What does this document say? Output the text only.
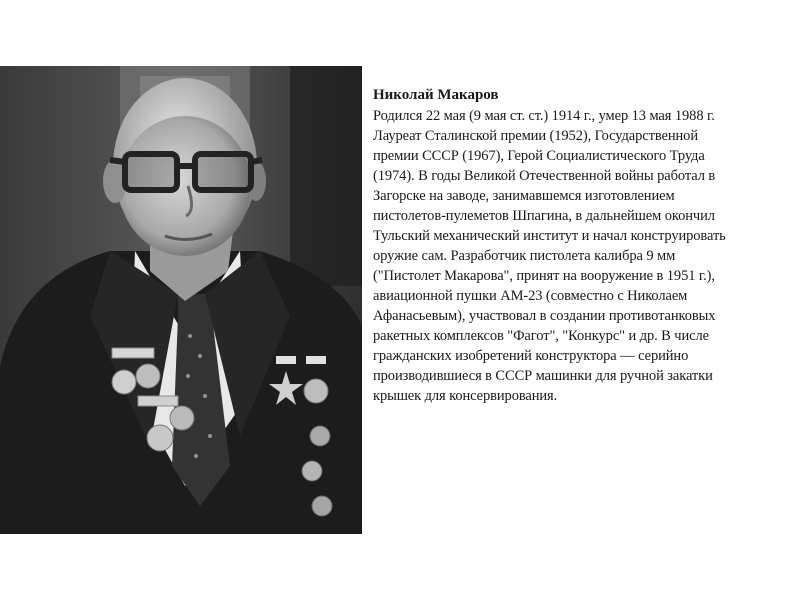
Николай Макаров
Родился 22 мая (9 мая ст. ст.) 1914 г., умер 13 мая 1988 г.
Лауреат Сталинской премии (1952), Государственной
премии СССР (1967), Герой Социалистического Труда
(1974). В годы Великой Отечественной войны работал в
Загорске на заводе, занимавшемся изготовлением
пистолетов-пулеметов Шпагина, в дальнейшем окончил
Тульский механический институт и начал конструировать
оружие сам. Разработчик пистолета калибра 9 мм
("Пистолет Макарова", принят на вооружение в 1951 г.),
авиационной пушки АМ-23 (совместно с Николаем
Афанасьевым), участвовал в создании противотанковых
ракетных комплексов "Фагот", "Конкурс" и др. В числе
гражданских изобретений конструктора — серийно
производившиеся в СССР машинки для ручной закатки
крышек для консервирования.
